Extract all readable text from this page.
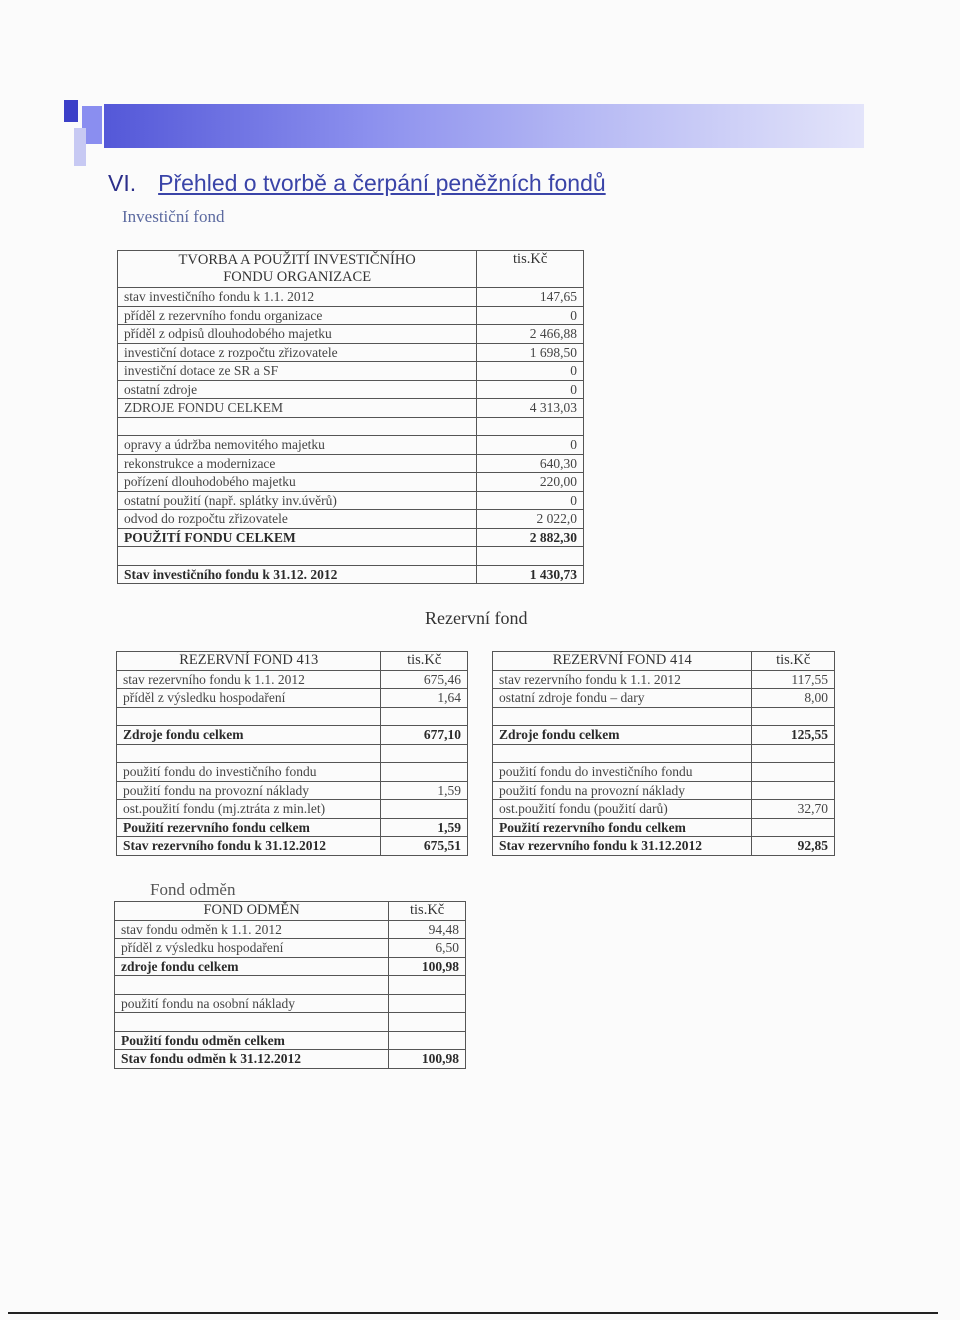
VI. Přehled o tvorbě a čerpání peněžních fondů
Investiční fond
TVORBA A POUŽITÍ INVESTIČNÍHO
FONDU ORGANIZACE	tis.Kč
stav investičního fondu k 1.1. 2012	147,65
příděl z rezervního fondu organizace	0
příděl z odpisů dlouhodobého majetku	2 466,88
investiční dotace z rozpočtu zřizovatele	1 698,50
investiční dotace ze SR a SF	0
ostatní zdroje	0
ZDROJE FONDU CELKEM	4 313,03

opravy a údržba nemovitého majetku	0
rekonstrukce a modernizace	640,30
pořízení dlouhodobého majetku	220,00
ostatní použití (např. splátky inv.úvěrů)	0
odvod do rozpočtu zřizovatele	2 022,0
POUŽITÍ FONDU CELKEM	2 882,30

Stav investičního fondu k 31.12. 2012	1 430,73
Rezervní fond
REZERVNÍ FOND 413	tis.Kč
stav rezervního fondu k 1.1. 2012	675,46
příděl z výsledku hospodaření	1,64

Zdroje fondu celkem	677,10

použití fondu do investičního fondu	
použití fondu na provozní náklady	1,59
ost.použití fondu (mj.ztráta z min.let)	
Použití rezervního fondu celkem	1,59
Stav rezervního fondu k 31.12.2012	675,51
REZERVNÍ FOND 414	tis.Kč
stav rezervního fondu k 1.1. 2012	117,55
ostatní zdroje fondu – dary	8,00

Zdroje fondu celkem	125,55

použití fondu do investičního fondu	
použití fondu na provozní náklady	
ost.použití fondu (použití darů)	32,70
Použití rezervního fondu celkem	
Stav rezervního fondu k 31.12.2012	92,85
Fond odměn
FOND ODMĚN	tis.Kč
stav fondu odměn k 1.1. 2012	94,48
příděl z výsledku hospodaření	6,50
zdroje fondu celkem	100,98

použití fondu na osobní náklady	

Použití fondu odměn celkem	
Stav fondu odměn k 31.12.2012	100,98
